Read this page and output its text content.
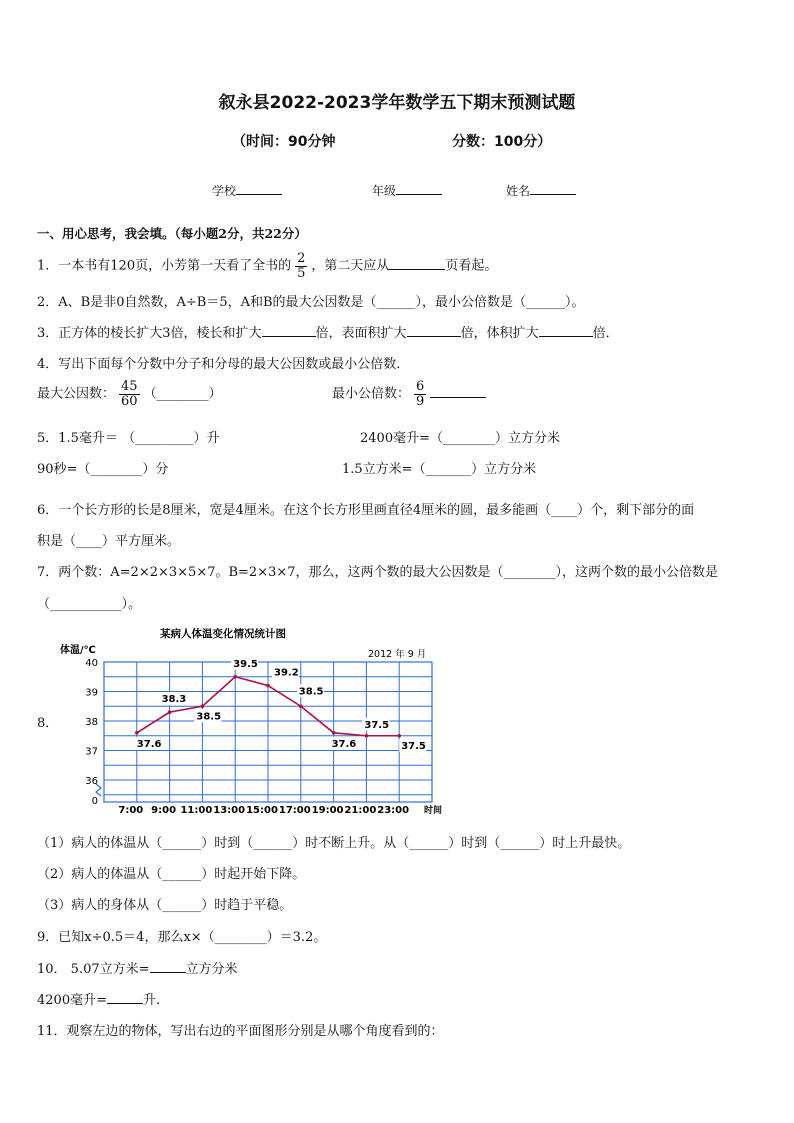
叙永县2022-2023学年数学五下期末预测试题
（时间：90分钟	分数：100分）
学校	年级	姓名
一、用心思考，我会填。（每小题2分，共22分）
1．一本书有120页，小芳第一天看了全书的 $\frac{2}{5}$ ，第二天应从	页看起。
2．A、B是非0自然数，A÷B＝5，A和B的最大公因数是（______），最小公倍数是（______）。
3．正方体的棱长扩大3倍，棱长和扩大	倍，表面积扩大	倍，体积扩大	倍．
4．写出下面每个分数中分子和分母的最大公因数或最小公倍数．
最大公因数： $\frac{45}{60}$ （________）	最小公倍数： $\frac{6}{9}$
5．1.5毫升＝ （_________）升	2400毫升=（________）立方分米
90秒=（________）分	1.5立方米=（_______）立方分米
6．一个长方形的长是8厘米，宽是4厘米。在这个长方形里画直径4厘米的圆，最多能画（____）个，剩下部分的面
积是（____）平方厘米。
7．两个数：A=2×2×3×5×7。B=2×3×7，那么，这两个数的最大公因数是（________），这两个数的最小公倍数是
（___________）。
8．
某病人体温变化情况统计图
2012 年 9 月
体温/℃
时间
40
39
38
37
36
0
7:00 9:00 11:00 13:00 15:00 17:00 19:00 21:00 23:00
37.6
38.3
38.5
39.5
39.2
38.5
37.6
37.5
37.5
（1）病人的体温从（______）时到（______）时不断上升。从（______）时到（______）时上升最快。
（2）病人的体温从（______）时起开始下降。
（3）病人的身体从（______）时趋于平稳。
9．已知x÷0.5＝4，那么x×（________）＝3.2。
10． 5.07立方米=	立方分米
4200毫升=	升．
11．观察左边的物体，写出右边的平面图形分别是从哪个角度看到的：
